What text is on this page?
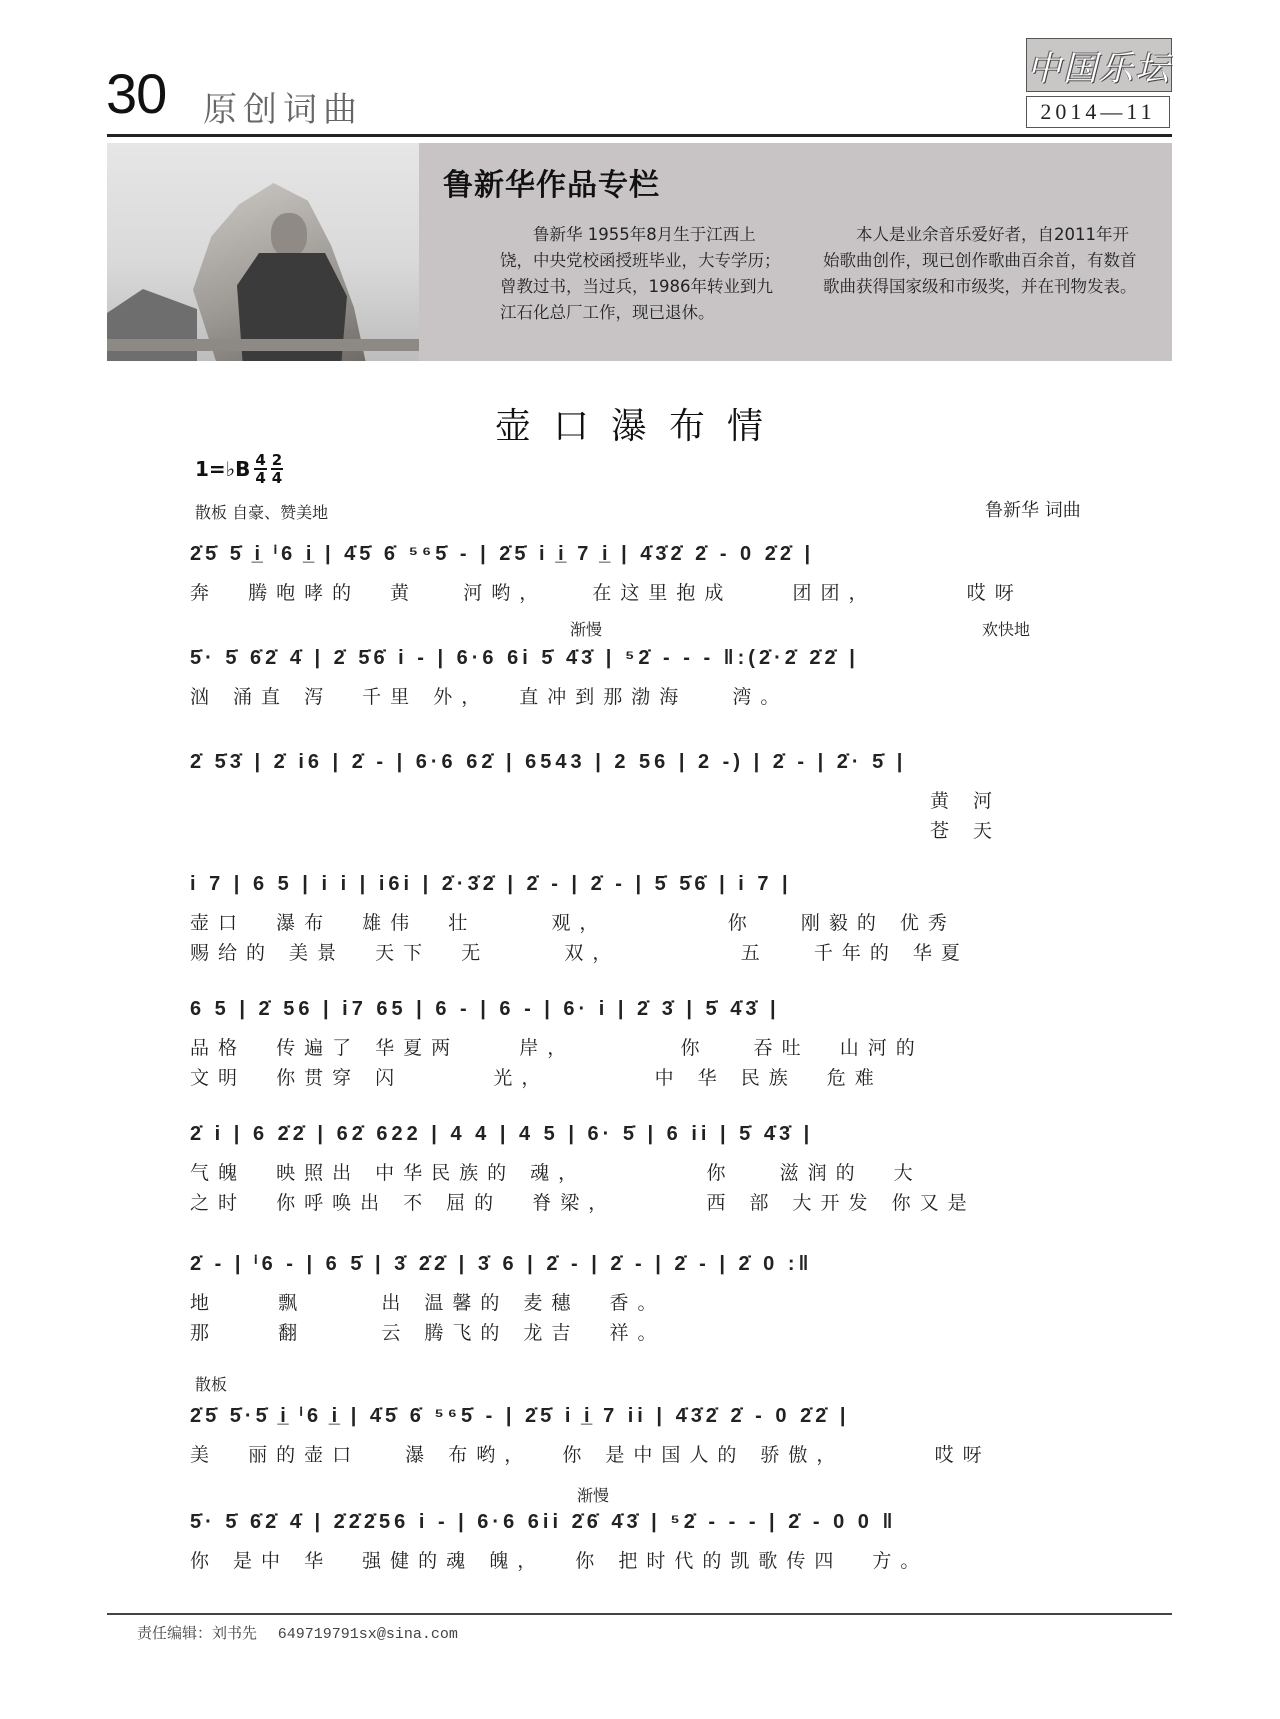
30 原创词曲
中国乐坛
2014—11
鲁新华作品专栏
鲁新华 1955年8月生于江西上饶，中央党校函授班毕业，大专学历；曾教过书，当过兵，1986年转业到九江石化总厂工作，现已退休。
本人是业余音乐爱好者，自2011年开始歌曲创作，现已创作歌曲百余首，有数首歌曲获得国家级和市级奖，并在刊物发表。
壶口瀑布情
1=♭B $\frac{4}{4} \frac{2}{4}$
散板 自豪、赞美地	鲁新华 词曲
渐慢	欢快地
散板
渐慢
2̇5̇ 5̇ i̲ ⁱ6 i̲ | 4̇5̇ 6̇ ⁵⁶5̇ - | 2̇5̇ i i̲ 7 i̲ | 4̇3̇2̇ 2̇ - 0 2̇2̇ |
奔  腾咆哮的  黄   河哟，   在这里抱成    团团，      哎呀
5̇· 5̇ 6̇2̇ 4̇ | 2̇ 5̇6̇ i - | 6·6 6i 5̇ 4̇3̇ | ⁵2̇ - - - ‖:(2̇·2̇ 2̇2̇ |
汹 涌直 泻  千里 外，  直冲到那渤海   湾。
2̇ 5̇3̇ | 2̇ i6 | 2̇ - | 6·6 62̇ | 6543 | 2 56 | 2 -) | 2̇ - | 2̇· 5̇ |
黄 河
苍 天
i 7 | 6 5 | i i | i6i | 2̇·3̇2̇ | 2̇ - | 2̇ - | 5̇ 5̇6̇ | i 7 |
壶口  瀑布  雄伟  壮     观，        你   刚毅的 优秀
赐给的 美景  天下  无     双，        五   千年的 华夏
6 5 | 2̇ 56 | i7 65 | 6 - | 6 - | 6· i | 2̇ 3̇ | 5̇ 4̇3̇ |
品格  传遍了 华夏两    岸，       你   吞吐  山河的
文明  你贯穿 闪      光，       中 华 民族  危难
2̇ i | 6 2̇2̇ | 62̇ 622 | 4 4 | 4 5 | 6· 5̇ | 6 ii | 5̇ 4̇3̇ |
气魄  映照出 中华民族的 魂，        你   滋润的  大
之时  你呼唤出 不 屈的  脊梁，      西 部 大开发 你又是
2̇ - | ⁱ6 - | 6 5̇ | 3̇ 2̇2̇ | 3̇ 6 | 2̇ - | 2̇ - | 2̇ - | 2̇ 0 :‖
地    飘     出 温馨的 麦穗  香。
那    翻     云 腾飞的 龙吉  祥。
2̇5̇ 5̇·5̇ i̲ ⁱ6 i̲ | 4̇5̇ 6̇ ⁵⁶5̇ - | 2̇5̇ i i̲ 7 ii | 4̇3̇2̇ 2̇ - 0 2̇2̇ |
美  丽的壶口   瀑 布哟，  你 是中国人的 骄傲，      哎呀
5̇· 5̇ 6̇2̇ 4̇ | 2̇2̇2̇56 i - | 6·6 6ii 2̇6̇ 4̇3̇ | ⁵2̇ - - - | 2̇ - 0 0 ‖
你 是中 华  强健的魂 魄，  你 把时代的凯歌传四  方。
责任编辑：刘书先 649719791sx@sina.com
